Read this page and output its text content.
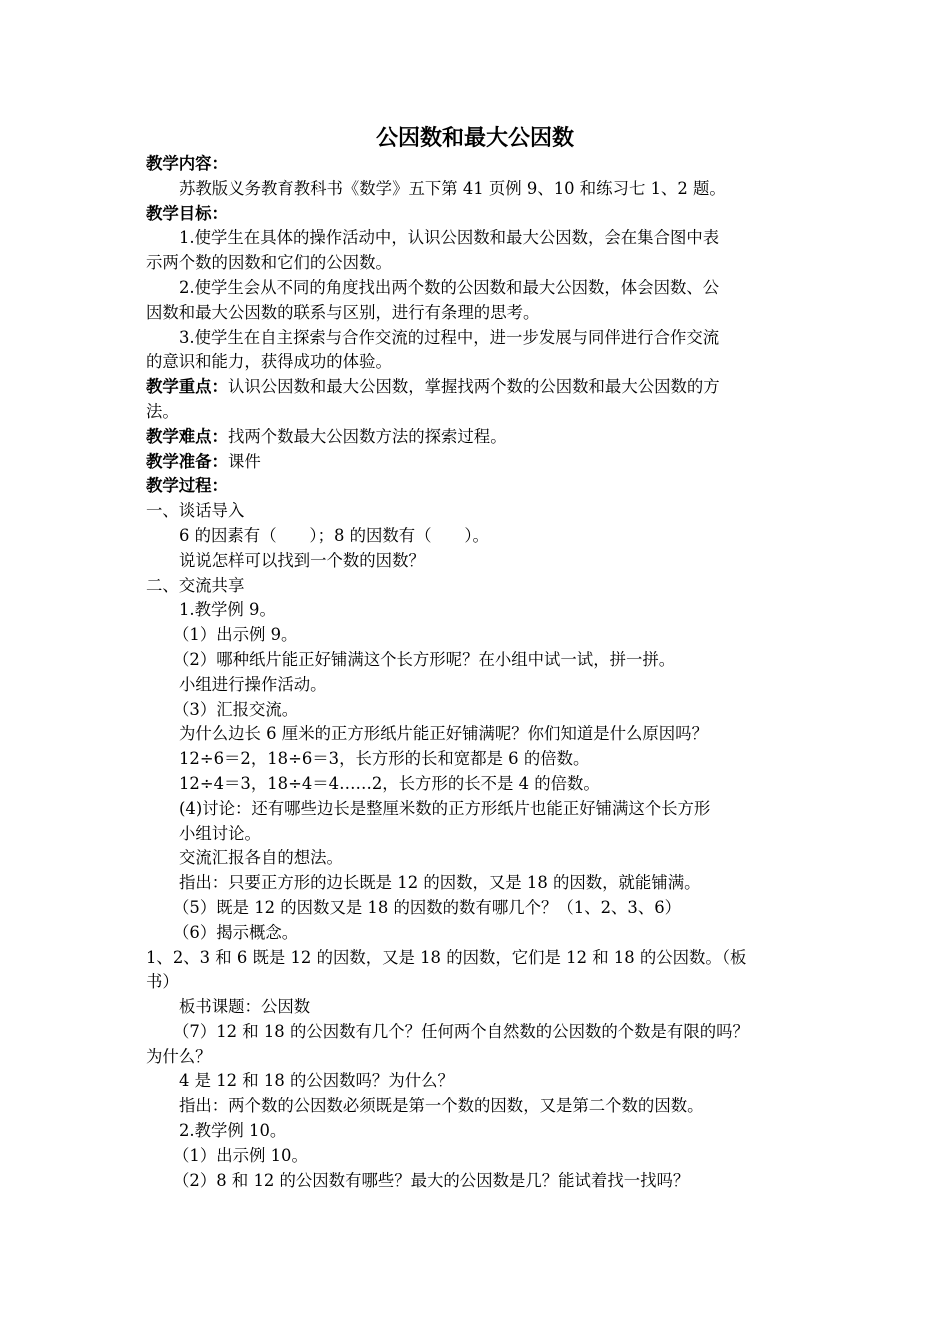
公因数和最大公因数
教学内容：
苏教版义务教育教科书《数学》五下第 41 页例 9、10 和练习七 1、2 题。
教学目标：
1.使学生在具体的操作活动中，认识公因数和最大公因数，会在集合图中表
示两个数的因数和它们的公因数。
2.使学生会从不同的角度找出两个数的公因数和最大公因数，体会因数、公
因数和最大公因数的联系与区别，进行有条理的思考。
3.使学生在自主探索与合作交流的过程中，进一步发展与同伴进行合作交流
的意识和能力，获得成功的体验。
教学重点：认识公因数和最大公因数，掌握找两个数的公因数和最大公因数的方
法。
教学难点：找两个数最大公因数方法的探索过程。
教学准备：课件
教学过程：
一、谈话导入
6 的因素有（　　）；8 的因数有（　　）。
说说怎样可以找到一个数的因数？
二、交流共享
1.教学例 9。
（1）出示例 9。
（2）哪种纸片能正好铺满这个长方形呢？在小组中试一试，拼一拼。
小组进行操作活动。
（3）汇报交流。
为什么边长 6 厘米的正方形纸片能正好铺满呢？你们知道是什么原因吗？
12÷6＝2，18÷6＝3，长方形的长和宽都是 6 的倍数。
12÷4＝3，18÷4＝4……2，长方形的长不是 4 的倍数。
(4)讨论：还有哪些边长是整厘米数的正方形纸片也能正好铺满这个长方形
小组讨论。
交流汇报各自的想法。
指出：只要正方形的边长既是 12 的因数，又是 18 的因数，就能铺满。
（5）既是 12 的因数又是 18 的因数的数有哪几个？（1、2、3、6）
（6）揭示概念。
1、2、3 和 6 既是 12 的因数，又是 18 的因数，它们是 12 和 18 的公因数。（板
书）
板书课题：公因数
（7）12 和 18 的公因数有几个？任何两个自然数的公因数的个数是有限的吗？
为什么？
4 是 12 和 18 的公因数吗？为什么？
指出：两个数的公因数必须既是第一个数的因数，又是第二个数的因数。
2.教学例 10。
（1）出示例 10。
（2）8 和 12 的公因数有哪些？最大的公因数是几？能试着找一找吗？
